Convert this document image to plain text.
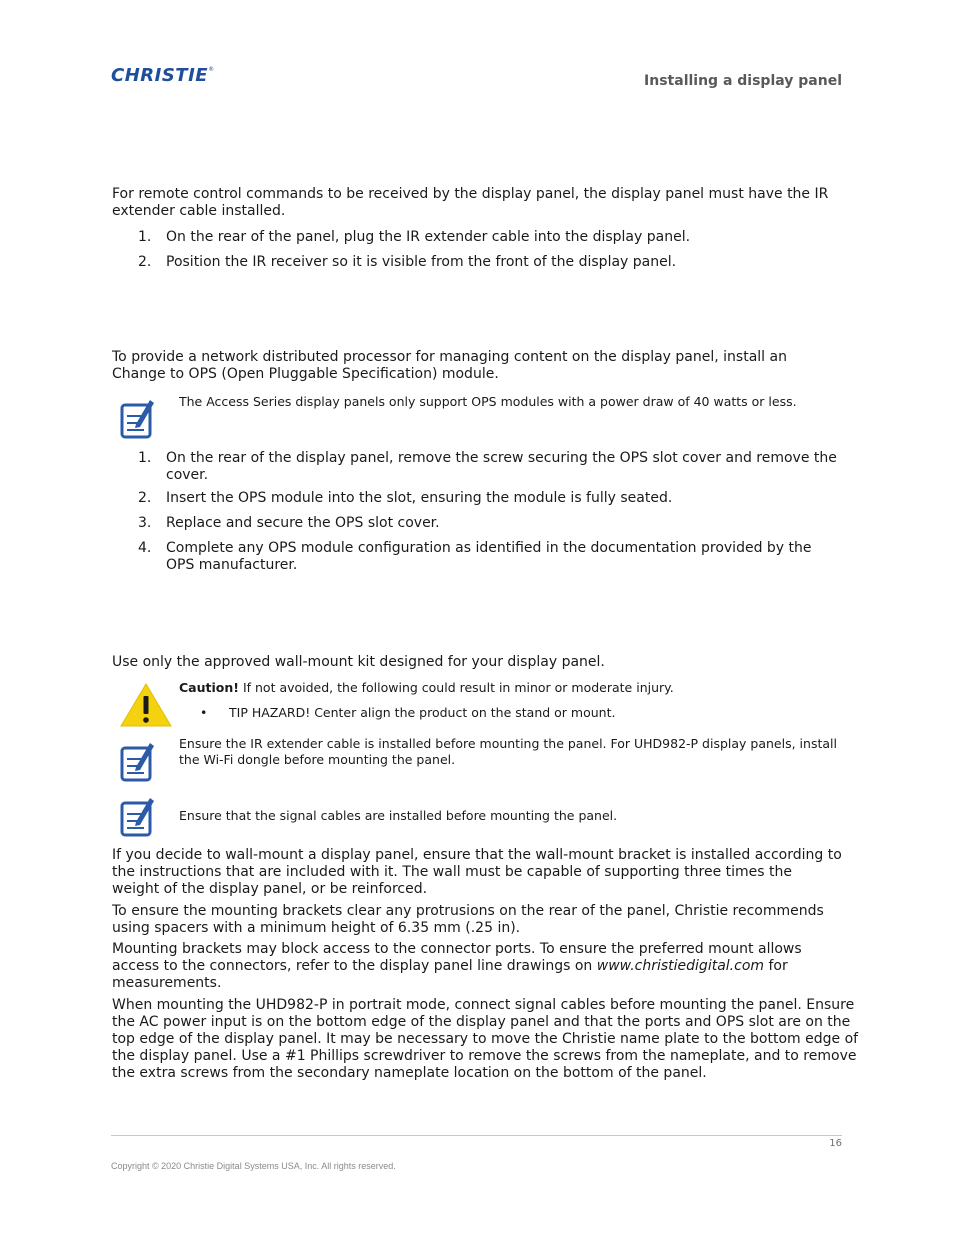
CHRISTIE®
Installing a display panel
For remote control commands to be received by the display panel, the display panel must have the IR extender cable installed.
1.	On the rear of the panel, plug the IR extender cable into the display panel.
2.	Position the IR receiver so it is visible from the front of the display panel.
To provide a network distributed processor for managing content on the display panel, install an Change to OPS (Open Pluggable Specification) module.
The Access Series display panels only support OPS modules with a power draw of 40 watts or less.
1.	On the rear of the display panel, remove the screw securing the OPS slot cover and remove the cover.
2.	Insert the OPS module into the slot, ensuring the module is fully seated.
3.	Replace and secure the OPS slot cover.
4.	Complete any OPS module configuration as identified in the documentation provided by the OPS manufacturer.
Use only the approved wall-mount kit designed for your display panel.
Caution! If not avoided, the following could result in minor or moderate injury.
• TIP HAZARD! Center align the product on the stand or mount.
Ensure the IR extender cable is installed before mounting the panel. For UHD982-P display panels, install the Wi-Fi dongle before mounting the panel.
Ensure that the signal cables are installed before mounting the panel.
If you decide to wall-mount a display panel, ensure that the wall-mount bracket is installed according to the instructions that are included with it. The wall must be capable of supporting three times the weight of the display panel, or be reinforced.
To ensure the mounting brackets clear any protrusions on the rear of the panel, Christie recommends using spacers with a minimum height of 6.35 mm (.25 in).
Mounting brackets may block access to the connector ports. To ensure the preferred mount allows access to the connectors, refer to the display panel line drawings on www.christiedigital.com for measurements.
When mounting the UHD982-P in portrait mode, connect signal cables before mounting the panel. Ensure the AC power input is on the bottom edge of the display panel and that the ports and OPS slot are on the top edge of the display panel. It may be necessary to move the Christie name plate to the bottom edge of the display panel. Use a #1 Phillips screwdriver to remove the screws from the nameplate, and to remove the extra screws from the secondary nameplate location on the bottom of the panel.
16
Copyright © 2020 Christie Digital Systems USA, Inc. All rights reserved.
